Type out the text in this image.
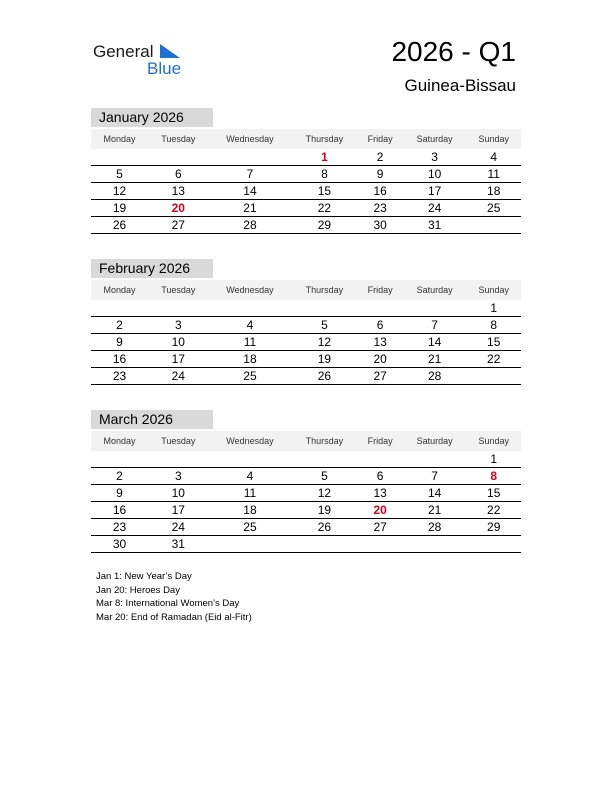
General
Blue
2026 - Q1
Guinea-Bissau
January 2026
Monday	Tuesday	Wednesday	Thursday	Friday	Saturday	Sunday
			1	2	3	4
5	6	7	8	9	10	11
12	13	14	15	16	17	18
19	20	21	22	23	24	25
26	27	28	29	30	31	
February 2026
Monday	Tuesday	Wednesday	Thursday	Friday	Saturday	Sunday
						1
2	3	4	5	6	7	8
9	10	11	12	13	14	15
16	17	18	19	20	21	22
23	24	25	26	27	28	
March 2026
Monday	Tuesday	Wednesday	Thursday	Friday	Saturday	Sunday
						1
2	3	4	5	6	7	8
9	10	11	12	13	14	15
16	17	18	19	20	21	22
23	24	25	26	27	28	29
30	31					
Jan 1: New Year’s Day
Jan 20: Heroes Day
Mar 8: International Women’s Day
Mar 20: End of Ramadan (Eid al-Fitr)
